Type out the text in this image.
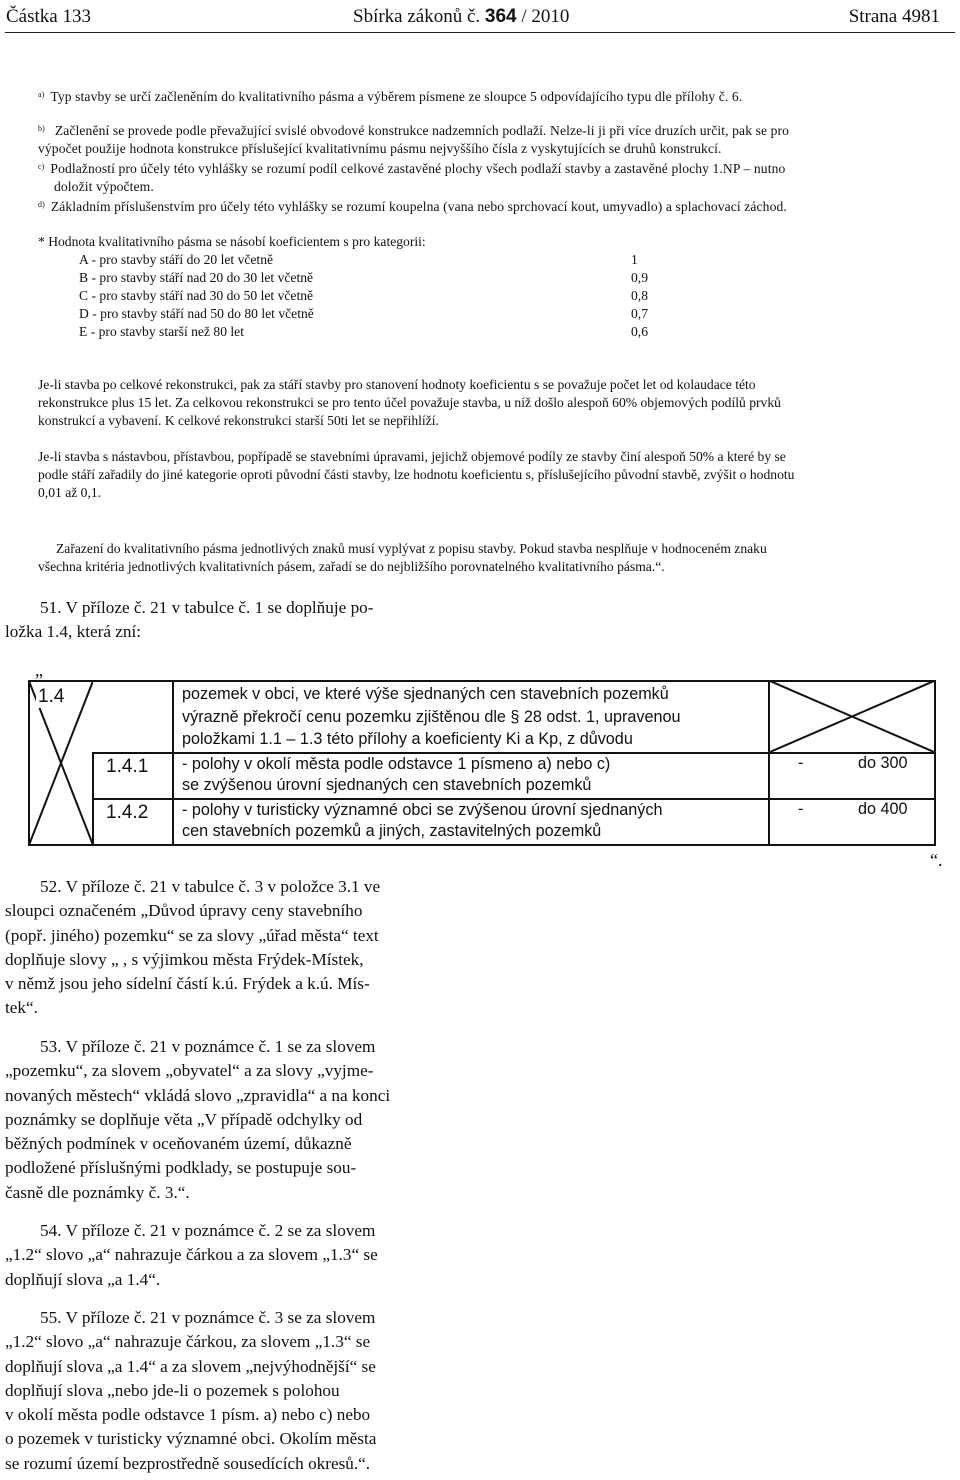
Částka 133	Sbírka zákonů č. 364 / 2010	Strana 4981
$^{a)}$ Typ stavby se určí začleněním do kvalitativního pásma a výběrem písmene ze sloupce 5 odpovídajícího typu dle přílohy č. 6.
$^{b)}$ Začlenění se provede podle převažující svislé obvodové konstrukce nadzemních podlaží. Nelze-li ji při více druzích určit, pak se pro
výpočet použije hodnota konstrukce příslušející kvalitativnímu pásmu nejvyššího čísla z vyskytujících se druhů konstrukcí.
$^{c)}$ Podlažností pro účely této vyhlášky se rozumí podíl celkové zastavěné plochy všech podlaží stavby a zastavěné plochy 1.NP – nutno
doložit výpočtem.
$^{d)}$ Základním příslušenstvím pro účely této vyhlášky se rozumí koupelna (vana nebo sprchovací kout, umyvadlo) a splachovací záchod.
* Hodnota kvalitativního pásma se násobí koeficientem s pro kategorii:
A - pro stavby stáří do 20 let včetně	1
B - pro stavby stáří nad 20 do 30 let včetně	0,9
C - pro stavby stáří nad 30 do 50 let včetně	0,8
D - pro stavby stáří nad 50 do 80 let včetně	0,7
E - pro stavby starší než 80 let	0,6
Je-li stavba po celkové rekonstrukci, pak za stáří stavby pro stanovení hodnoty koeficientu s se považuje počet let od kolaudace této
rekonstrukce plus 15 let. Za celkovou rekonstrukci se pro tento účel považuje stavba, u níž došlo alespoň 60% objemových podílů prvků
konstrukcí a vybavení. K celkové rekonstrukci starší 50ti let se nepřihlíží.
Je-li stavba s nástavbou, přístavbou, popřípadě se stavebními úpravami, jejichž objemové podíly ze stavby činí alespoň 50% a které by se
podle stáří zařadily do jiné kategorie oproti původní části stavby, lze hodnotu koeficientu s, příslušejícího původní stavbě, zvýšit o hodnotu
0,01 až 0,1.
Zařazení do kvalitativního pásma jednotlivých znaků musí vyplývat z popisu stavby. Pokud stavba nesplňuje v hodnoceném znaku
všechna kritéria jednotlivých kvalitativních pásem, zařadí se do nejbližšího porovnatelného kvalitativního pásma.“.

51. V příloze č. 21 v tabulce č. 1 se doplňuje po-

ložka 1.4, která zní:

„
1.4	pozemek v obci, ve které výše sjednaných cen stavebních pozemků
výrazně překročí cenu pozemku zjištěnou dle § 28 odst. 1, upravenou
položkami 1.1 – 1.3 této přílohy a koeficienty Ki a Kp, z důvodu
1.4.1 - polohy v okolí města podle odstavce 1 písmeno a) nebo c)
se zvýšenou úrovní sjednaných cen stavebních pozemků
-	do 300
1.4.2 - polohy v turisticky významné obci se zvýšenou úrovní sjednaných
cen stavebních pozemků a jiných, zastavitelných pozemků
-	do 400
“.

52. V příloze č. 21 v tabulce č. 3 v položce 3.1 ve

sloupci označeném „Důvod úpravy ceny stavebního

(popř. jiného) pozemku“ se za slovy „úřad města“ text

doplňuje slovy „ , s výjimkou města Frýdek-Místek,

v němž jsou jeho sídelní částí k.ú. Frýdek a k.ú. Mís-

tek“.

53. V příloze č. 21 v poznámce č. 1 se za slovem

„pozemku“, za slovem „obyvatel“ a za slovy „vyjme-

novaných městech“ vkládá slovo „zpravidla“ a na konci

poznámky se doplňuje věta „V případě odchylky od

běžných podmínek v oceňovaném území, důkazně

podložené příslušnými podklady, se postupuje sou-

časně dle poznámky č. 3.“.

54. V příloze č. 21 v poznámce č. 2 se za slovem

„1.2“ slovo „a“ nahrazuje čárkou a za slovem „1.3“ se

doplňují slova „a 1.4“.

55. V příloze č. 21 v poznámce č. 3 se za slovem

„1.2“ slovo „a“ nahrazuje čárkou, za slovem „1.3“ se

doplňují slova „a 1.4“ a za slovem „nejvýhodnější“ se

doplňují slova „nebo jde-li o pozemek s polohou

v okolí města podle odstavce 1 písm. a) nebo c) nebo

o pozemek v turisticky významné obci. Okolím města

se rozumí území bezprostředně sousedících okresů.“.
